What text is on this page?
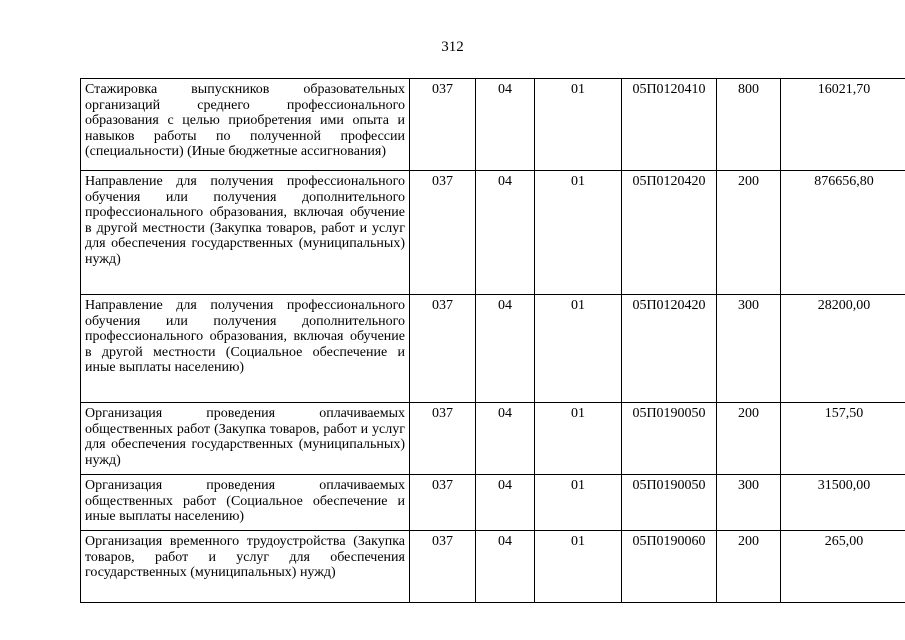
312
Стажировка выпускников образовательных организаций среднего профессионального образования с целью приобретения ими опыта и навыков работы по полученной профессии (специальности) (Иные бюджетные ассигнования)	037	04	01	05П0120410	800	16021,70
Направление для получения профессионального обучения или получения дополнительного профессионального образования, включая обучение в другой местности (Закупка товаров, работ и услуг для обеспечения государственных (муниципальных) нужд)	037	04	01	05П0120420	200	876656,80
Направление для получения профессионального обучения или получения дополнительного профессионального образования, включая обучение в другой местности (Социальное обеспечение и иные выплаты населению)	037	04	01	05П0120420	300	28200,00
Организация проведения оплачиваемых общественных работ (Закупка товаров, работ и услуг для обеспечения государственных (муниципальных) нужд)	037	04	01	05П0190050	200	157,50
Организация проведения оплачиваемых общественных работ (Социальное обеспечение и иные выплаты населению)	037	04	01	05П0190050	300	31500,00
Организация временного трудоустройства (Закупка товаров, работ и услуг для обеспечения государственных (муниципальных) нужд)	037	04	01	05П0190060	200	265,00
